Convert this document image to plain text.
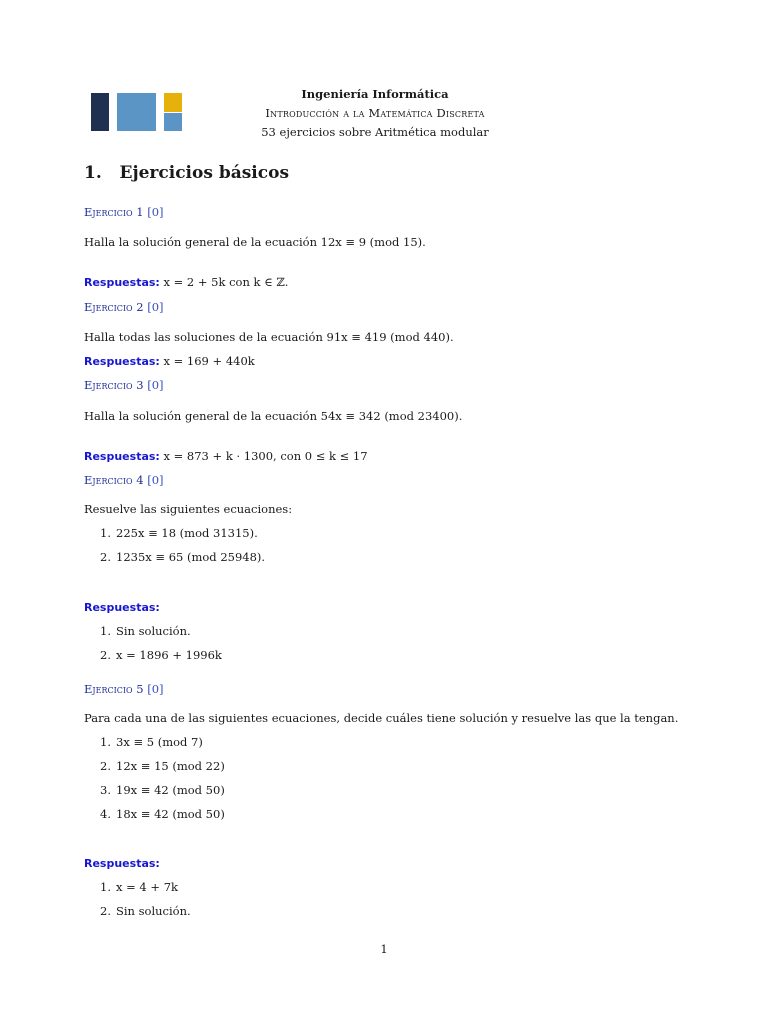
Ingeniería Informática
Introducción a la Matemática Discreta
53 ejercicios sobre Aritmética modular
1.   Ejercicios básicos
Ejercicio 1 [0]
Halla la solución general de la ecuación 12x ≡ 9 (mod 15).
Respuestas: x = 2 + 5k con k ∈ ℤ.
Ejercicio 2 [0]
Halla todas las soluciones de la ecuación 91x ≡ 419 (mod 440).
Respuestas: x = 169 + 440k
Ejercicio 3 [0]
Halla la solución general de la ecuación 54x ≡ 342 (mod 23400).
Respuestas: x = 873 + k · 1300, con 0 ≤ k ≤ 17
Ejercicio 4 [0]
Resuelve las siguientes ecuaciones:
1. 225x ≡ 18 (mod 31315).
2. 1235x ≡ 65 (mod 25948).
Respuestas:
1. Sin solución.
2. x = 1896 + 1996k
Ejercicio 5 [0]
Para cada una de las siguientes ecuaciones, decide cuáles tiene solución y resuelve las que la tengan.
1. 3x ≡ 5 (mod 7)
2. 12x ≡ 15 (mod 22)
3. 19x ≡ 42 (mod 50)
4. 18x ≡ 42 (mod 50)
Respuestas:
1. x = 4 + 7k
2. Sin solución.
1
